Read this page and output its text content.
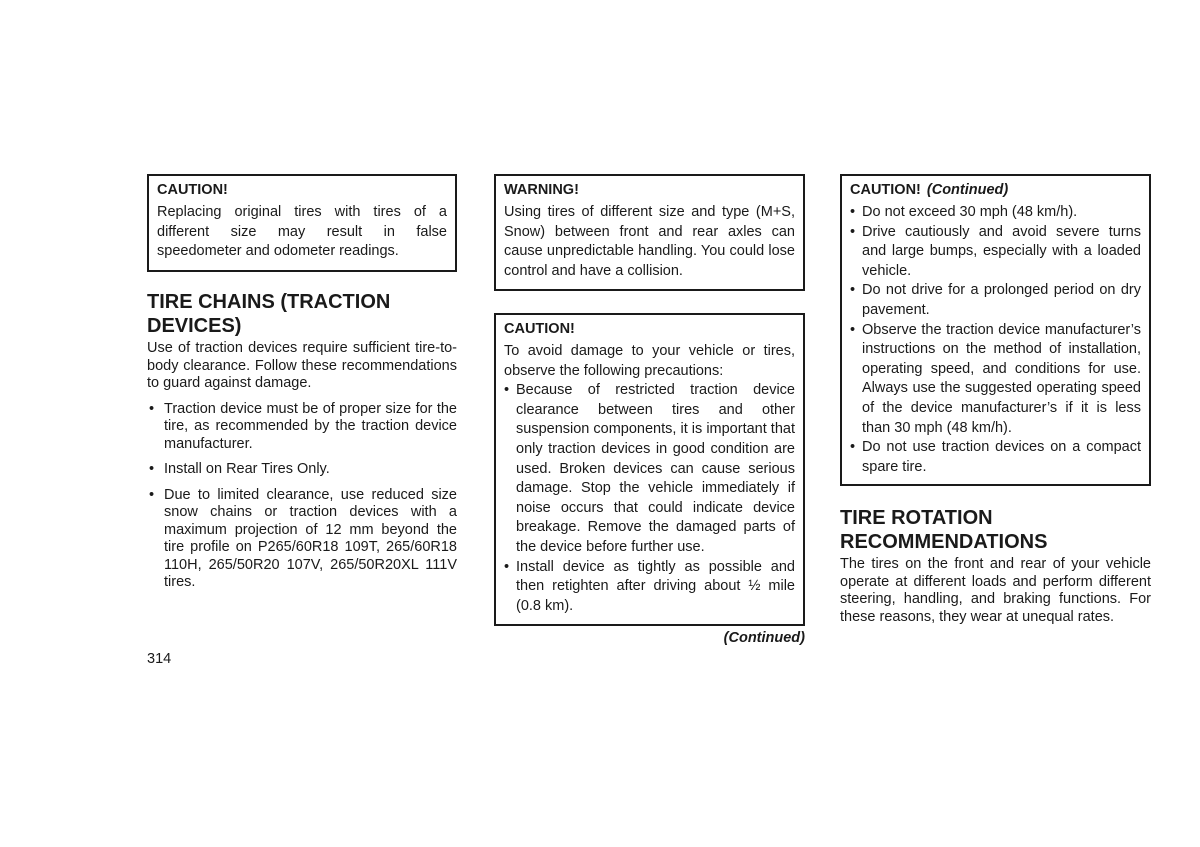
CAUTION!

Replacing original tires with tires of a different size may result in false speedometer and odometer readings.

TIRE CHAINS (TRACTION DEVICES)

Use of traction devices require sufficient tire-to-body clearance. Follow these recommendations to guard against damage.

• Traction device must be of proper size for the tire, as recommended by the traction device manufacturer.
• Install on Rear Tires Only.
• Due to limited clearance, use reduced size snow chains or traction devices with a maximum projection of 12 mm beyond the tire profile on P265/60R18 109T, 265/60R18 110H, 265/50R20 107V, 265/50R20XL 111V tires.
WARNING!

Using tires of different size and type (M+S, Snow) between front and rear axles can cause unpredictable handling. You could lose control and have a collision.

CAUTION!

To avoid damage to your vehicle or tires, observe the following precautions:

• Because of restricted traction device clearance between tires and other suspension components, it is important that only traction devices in good condition are used. Broken devices can cause serious damage. Stop the vehicle immediately if noise occurs that could indicate device breakage. Remove the damaged parts of the device before further use.
• Install device as tightly as possible and then retighten after driving about ½ mile (0.8 km).
(Continued)
CAUTION! (Continued)
• Do not exceed 30 mph (48 km/h).
• Drive cautiously and avoid severe turns and large bumps, especially with a loaded vehicle.
• Do not drive for a prolonged period on dry pavement.
• Observe the traction device manufacturer’s instructions on the method of installation, operating speed, and conditions for use. Always use the suggested operating speed of the device manufacturer’s if it is less than 30 mph (48 km/h).
• Do not use traction devices on a compact spare tire.
TIRE ROTATION RECOMMENDATIONS

The tires on the front and rear of your vehicle operate at different loads and perform different steering, handling, and braking functions. For these reasons, they wear at unequal rates.

314
